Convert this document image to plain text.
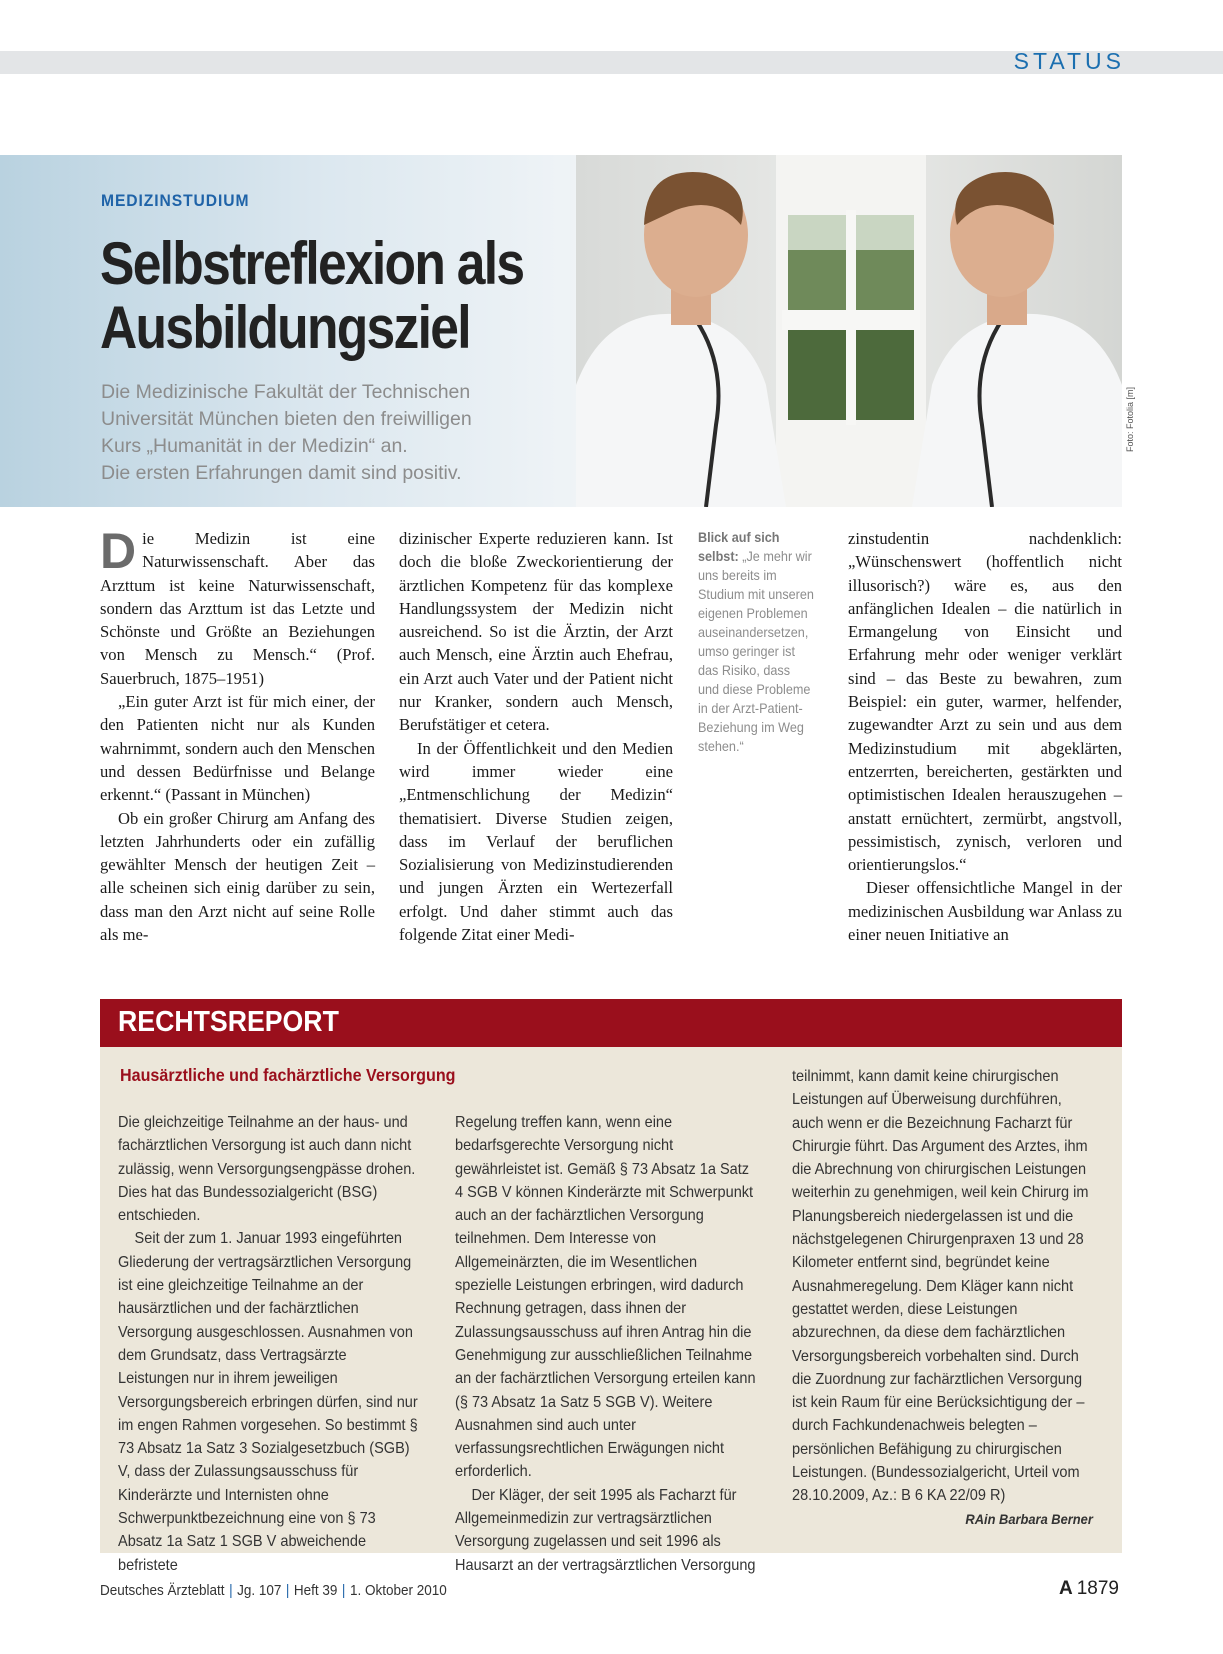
STATUS
MEDIZINSTUDIUM
Selbstreflexion als
Ausbildungsziel
Die Medizinische Fakultät der Technischen
Universität München bieten den freiwilligen
Kurs „Humanität in der Medizin“ an.
Die ersten Erfahrungen damit sind positiv.
Foto: Fotolia [m]

Die Medizin ist eine Naturwissenschaft. Aber das Arzttum ist keine Naturwissenschaft, sondern das Arzttum ist das Letzte und Schönste und Größte an Beziehungen von Mensch zu Mensch.“ (Prof. Sauerbruch, 1875–1951)

„Ein guter Arzt ist für mich einer, der den Patienten nicht nur als Kunden wahrnimmt, sondern auch den Menschen und dessen Bedürfnisse und Belange erkennt.“ (Passant in München)

Ob ein großer Chirurg am Anfang des letzten Jahrhunderts oder ein zufällig gewählter Mensch der heutigen Zeit – alle scheinen sich einig darüber zu sein, dass man den Arzt nicht auf seine Rolle als me-

dizinischer Experte reduzieren kann. Ist doch die bloße Zweckorientierung der ärztlichen Kompetenz für das komplexe Handlungssystem der Medizin nicht ausreichend. So ist die Ärztin, der Arzt auch Mensch, eine Ärztin auch Ehefrau, ein Arzt auch Vater und der Patient nicht nur Kranker, sondern auch Mensch, Berufstätiger et cetera.

In der Öffentlichkeit und den Medien wird immer wieder eine „Entmenschlichung der Medizin“ thematisiert. Diverse Studien zeigen, dass im Verlauf der beruflichen Sozialisierung von Medizinstudierenden und jungen Ärzten ein Wertezerfall erfolgt. Und daher stimmt auch das folgende Zitat einer Medi-

Blick auf sich selbst: „Je mehr wir uns bereits im Studium mit unseren eigenen Problemen auseinandersetzen, umso geringer ist das Risiko, dass und diese Probleme in der Arzt-Patient-Beziehung im Weg stehen.“

zinstudentin nachdenklich: „Wünschenswert (hoffentlich nicht illusorisch?) wäre es, aus den anfänglichen Idealen – die natürlich in Ermangelung von Einsicht und Erfahrung mehr oder weniger verklärt sind – das Beste zu bewahren, zum Beispiel: ein guter, warmer, helfender, zugewandter Arzt zu sein und aus dem Medizinstudium mit abgeklärten, entzerrten, bereicherten, gestärkten und optimistischen Idealen herauszugehen – anstatt ernüchtert, zermürbt, angstvoll, pessimistisch, zynisch, verloren und orientierungslos.“

Dieser offensichtliche Mangel in der medizinischen Ausbildung war Anlass zu einer neuen Initiative an

RECHTSREPORT
Hausärztliche und fachärztliche Versorgung

Die gleichzeitige Teilnahme an der haus- und fachärztlichen Versorgung ist auch dann nicht zulässig, wenn Versorgungsengpässe drohen. Dies hat das Bundessozialgericht (BSG) entschieden.

Seit der zum 1. Januar 1993 eingeführten Gliederung der vertragsärztlichen Versorgung ist eine gleichzeitige Teilnahme an der hausärztlichen und der fachärztlichen Versorgung ausgeschlossen. Ausnahmen von dem Grundsatz, dass Vertragsärzte Leistungen nur in ihrem jeweiligen Versorgungsbereich erbringen dürfen, sind nur im engen Rahmen vorgesehen. So bestimmt § 73 Absatz 1a Satz 3 Sozialgesetzbuch (SGB) V, dass der Zulassungsausschuss für Kinderärzte und Internisten ohne Schwerpunktbezeichnung eine von § 73 Absatz 1a Satz 1 SGB V abweichende befristete

Regelung treffen kann, wenn eine bedarfsgerechte Versorgung nicht gewährleistet ist. Gemäß § 73 Absatz 1a Satz 4 SGB V können Kinderärzte mit Schwerpunkt auch an der fachärztlichen Versorgung teilnehmen. Dem Interesse von Allgemeinärzten, die im Wesentlichen spezielle Leistungen erbringen, wird dadurch Rechnung getragen, dass ihnen der Zulassungsausschuss auf ihren Antrag hin die Genehmigung zur ausschließlichen Teilnahme an der fachärztlichen Versorgung erteilen kann (§ 73 Absatz 1a Satz 5 SGB V). Weitere Ausnahmen sind auch unter verfassungsrechtlichen Erwägungen nicht erforderlich.

Der Kläger, der seit 1995 als Facharzt für Allgemeinmedizin zur vertragsärztlichen Versorgung zugelassen und seit 1996 als Hausarzt an der vertragsärztlichen Versorgung

teilnimmt, kann damit keine chirurgischen Leistungen auf Überweisung durchführen, auch wenn er die Bezeichnung Facharzt für Chirurgie führt. Das Argument des Arztes, ihm die Abrechnung von chirurgischen Leistungen weiterhin zu genehmigen, weil kein Chirurg im Planungsbereich niedergelassen ist und die nächstgelegenen Chirurgenpraxen 13 und 28 Kilometer entfernt sind, begründet keine Ausnahmeregelung. Dem Kläger kann nicht gestattet werden, diese Leistungen abzurechnen, da diese dem fachärztlichen Versorgungsbereich vorbehalten sind. Durch die Zuordnung zur fachärztlichen Versorgung ist kein Raum für eine Berücksichtigung der – durch Fachkundenachweis belegten – persönlichen Befähigung zu chirurgischen Leistungen. (Bundessozialgericht, Urteil vom 28.10.2009, Az.: B 6 KA 22/09 R)

RAin Barbara Berner

Deutsches Ärzteblatt | Jg. 107 | Heft 39 | 1. Oktober 2010	A 1879
